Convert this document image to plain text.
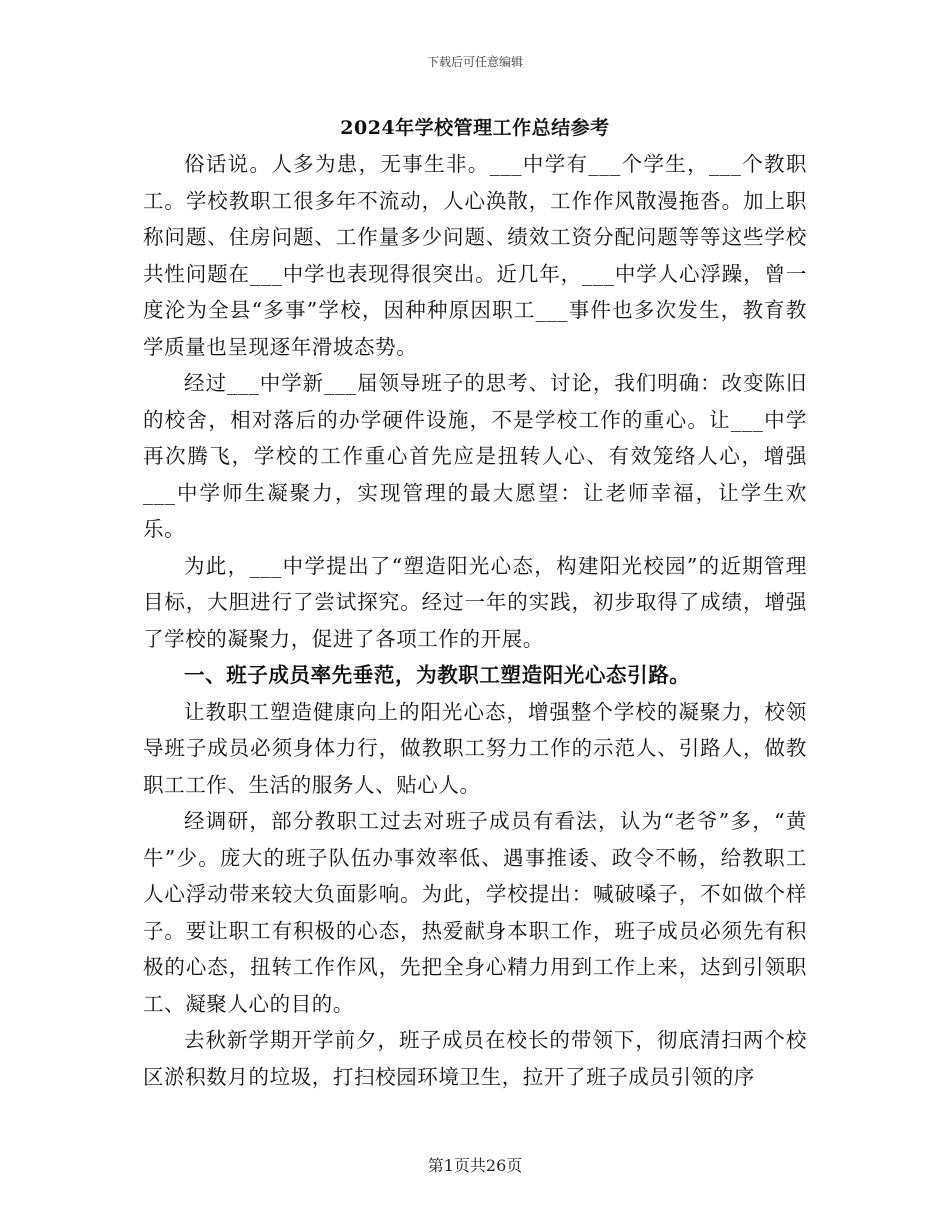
下载后可任意编辑
2024年学校管理工作总结参考

俗话说。人多为患，无事生非。___中学有___个学生，___个教职工。学校教职工很多年不流动，人心涣散，工作作风散漫拖沓。加上职称问题、住房问题、工作量多少问题、绩效工资分配问题等等这些学校共性问题在___中学也表现得很突出。近几年，___中学人心浮躁，曾一度沦为全县“多事”学校，因种种原因职工___事件也多次发生，教育教学质量也呈现逐年滑坡态势。

经过___中学新___届领导班子的思考、讨论，我们明确：改变陈旧的校舍，相对落后的办学硬件设施，不是学校工作的重心。让___中学再次腾飞，学校的工作重心首先应是扭转人心、有效笼络人心，增强___中学师生凝聚力，实现管理的最大愿望：让老师幸福，让学生欢乐。

为此，___中学提出了“塑造阳光心态，构建阳光校园”的近期管理目标，大胆进行了尝试探究。经过一年的实践，初步取得了成绩，增强了学校的凝聚力，促进了各项工作的开展。

一、班子成员率先垂范，为教职工塑造阳光心态引路。

让教职工塑造健康向上的阳光心态，增强整个学校的凝聚力，校领导班子成员必须身体力行，做教职工努力工作的示范人、引路人，做教职工工作、生活的服务人、贴心人。

经调研，部分教职工过去对班子成员有看法，认为“老爷”多，“黄牛”少。庞大的班子队伍办事效率低、遇事推诿、政令不畅，给教职工人心浮动带来较大负面影响。为此，学校提出：喊破嗓子，不如做个样子。要让职工有积极的心态，热爱献身本职工作，班子成员必须先有积极的心态，扭转工作作风，先把全身心精力用到工作上来，达到引领职工、凝聚人心的目的。

去秋新学期开学前夕，班子成员在校长的带领下，彻底清扫两个校区淤积数月的垃圾，打扫校园环境卫生，拉开了班子成员引领的序

第1页共26页
